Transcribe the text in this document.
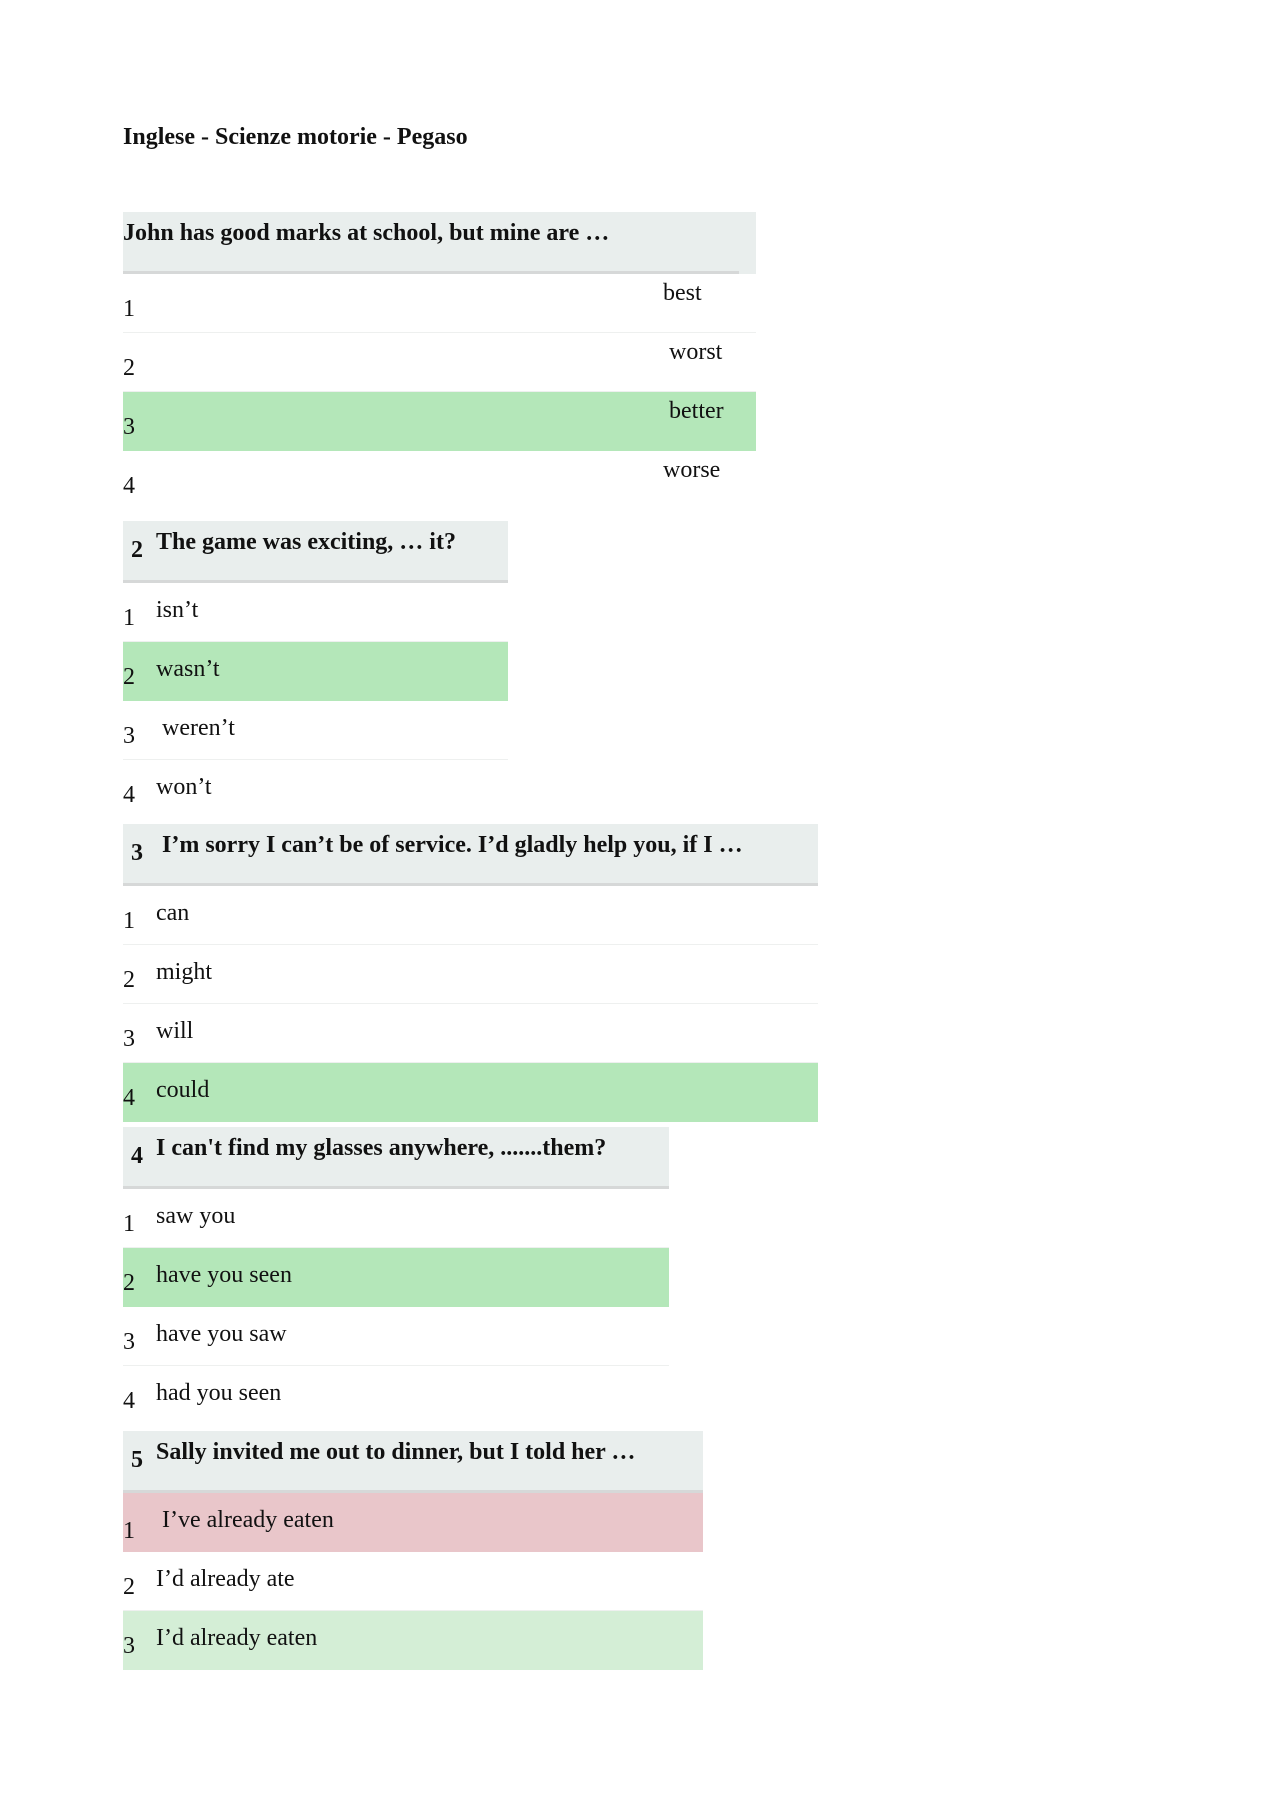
Inglese - Scienze motorie - Pegaso
John has good marks at school, but mine are …
1
best
2
worst
3
better
4
worse
2 The game was exciting, … it?
1 isn’t
2 wasn’t
3 weren’t
4 won’t
3 I’m sorry I can’t be of service. I’d gladly help you, if I …
1 can
2 might
3 will
4 could
4 I can't find my glasses anywhere, .......them?
1 saw you
2 have you seen
3 have you saw
4 had you seen
5 Sally invited me out to dinner, but I told her …
1 I’ve already eaten
2 I’d already ate
3 I’d already eaten
